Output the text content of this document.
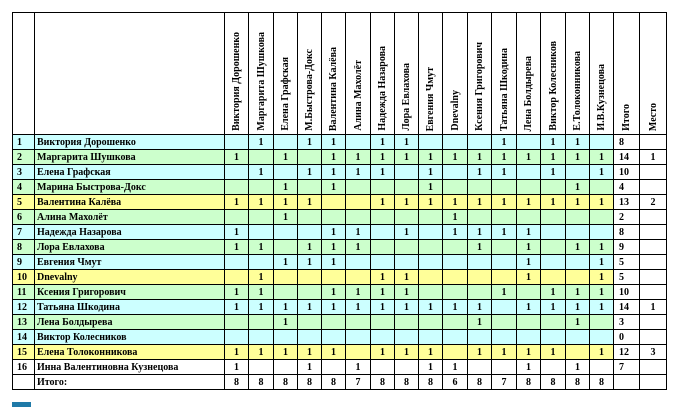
		Виктория Дорошенко	Маргарита Шушкова	Елена Графская	М.Быстрова-Докс	Валентина Калёва	Алина Махолёт	Надежда Назарова	Лора Евлахова	Евгения Чмут	Dnevalny	Ксения Григорович	Татьяна Шкодина	Лена Болдырева	Виктор Колесников	Е.Толоконникова	И.В.Кузнецова	Итого	Место

1	Виктория Дорошенко		1		1	1		1	1				1		1	1		8	
2	Маргарита Шушкова	1		1		1	1	1	1	1	1	1	1	1	1	1	1	14	1
3	Елена Графская		1		1	1	1	1		1		1	1		1		1	10	
4	Марина Быстрова-Докс			1		1				1						1		4	
5	Валентина Калёва	1	1	1	1			1	1	1	1	1	1	1	1	1	1	13	2
6	Алина Махолёт			1							1							2	
7	Надежда Назарова	1				1	1		1		1	1	1	1				8	
8	Лора Евлахова	1	1		1	1	1					1		1		1	1	9	
9	Евгения Чмут			1	1	1								1			1	5	
10	Dnevalny		1					1	1					1			1	5	
11	Ксения Григорович	1	1			1	1	1	1				1		1	1	1	10	
12	Татьяна Шкодина	1	1	1	1	1	1	1	1	1	1	1		1	1	1	1	14	1
13	Лена Болдырева			1								1				1		3	
14	Виктор Колесников																	0	
15	Елена Толоконникова	1	1	1	1	1		1	1	1		1	1	1	1		1	12	3
16	Инна Валентиновна Кузнецова	1			1		1			1	1			1		1		7	
	Итого:	8	8	8	8	8	7	8	8	8	6	8	7	8	8	8	8		
